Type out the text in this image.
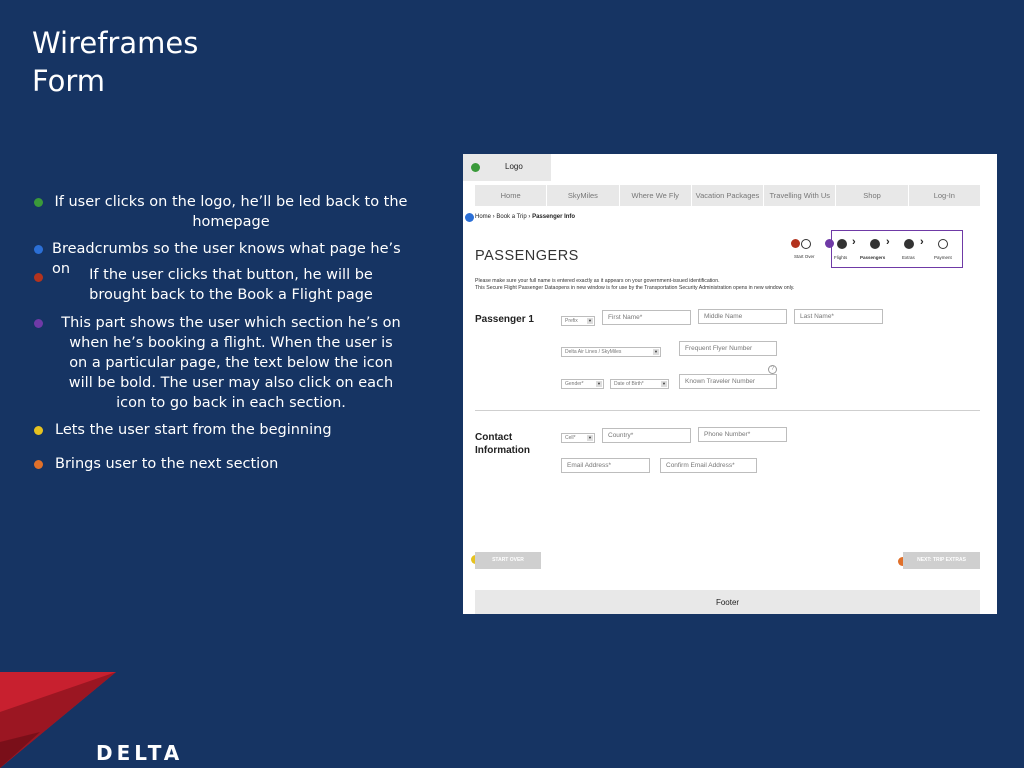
Wireframes
Form
If user clicks on the logo, he’ll be led back to the
homepage
Breadcrumbs so the user knows what page he’s on	If the user clicks that button, he will be
brought back to the Book a Flight page
This part shows the user which section he’s on
when he’s booking a flight. When the user is
on a particular page, the text below the icon
will be bold. The user may also click on each
icon to go back in each section.
Lets the user start from the beginning
Brings user to the next section
Logo
Home	SkyMiles	Where We Fly	Vacation Packages	Travelling With Us	Shop	Log-In
Home › Book a Trip › Passenger Info
PASSENGERS	Start Over
›	›	›
Flights	Passengers	Extras	Payment
Please make sure your full name is entered exactly as it appears on your government-issued identification.
This Secure Flight Passenger Dataopens in new window is for use by the Transportation Security Administration opens in new window only.
Passenger 1	Prefix	▼	First Name*	Middle Name	Last Name*
Delta Air Lines / SkyMiles	▼	Frequent Flyer Number
?
Gender*	▼	Date of Birth*	▼	Known Traveler Number
Contact
Information
Cell*	▼	Country*	Phone Number*
Email Address*	Confirm Email Address*
START OVER	NEXT: TRIP EXTRAS
Footer
DELTA
